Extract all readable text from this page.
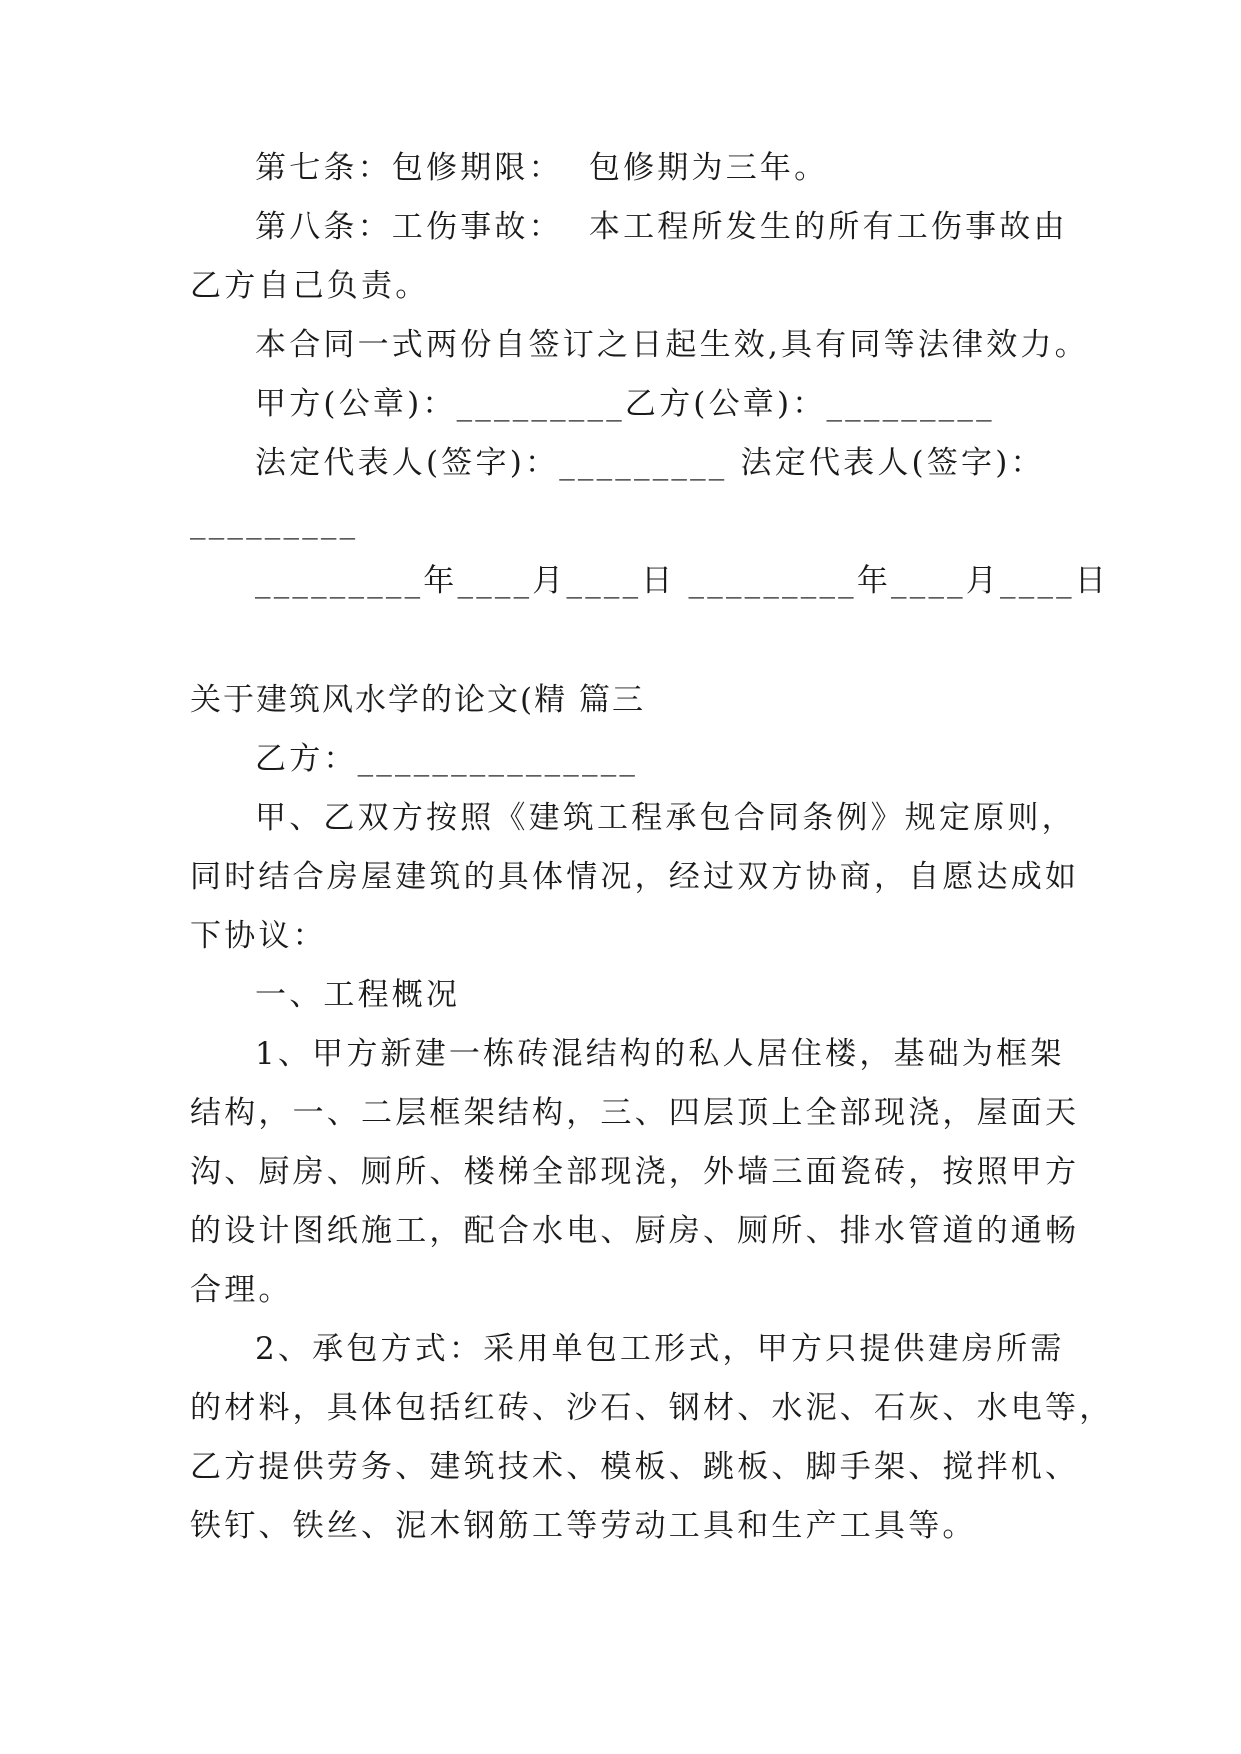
第七条：包修期限：  包修期为三年。
第八条：工伤事故：  本工程所发生的所有工伤事故由
乙方自己负责。
本合同一式两份自签订之日起生效,具有同等法律效力。
甲方(公章)：_________乙方(公章)：_________
法定代表人(签字)：_________ 法定代表人(签字)：
_________
_________年____月____日 _________年____月____日
关于建筑风水学的论文(精 篇三
乙方：_______________
甲、乙双方按照《建筑工程承包合同条例》规定原则，
同时结合房屋建筑的具体情况，经过双方协商，自愿达成如
下协议：
一、工程概况
1、甲方新建一栋砖混结构的私人居住楼，基础为框架
结构，一、二层框架结构，三、四层顶上全部现浇，屋面天
沟、厨房、厕所、楼梯全部现浇，外墙三面瓷砖，按照甲方
的设计图纸施工，配合水电、厨房、厕所、排水管道的通畅
合理。
2、承包方式：采用单包工形式，甲方只提供建房所需
的材料，具体包括红砖、沙石、钢材、水泥、石灰、水电等，
乙方提供劳务、建筑技术、模板、跳板、脚手架、搅拌机、
铁钉、铁丝、泥木钢筋工等劳动工具和生产工具等。
